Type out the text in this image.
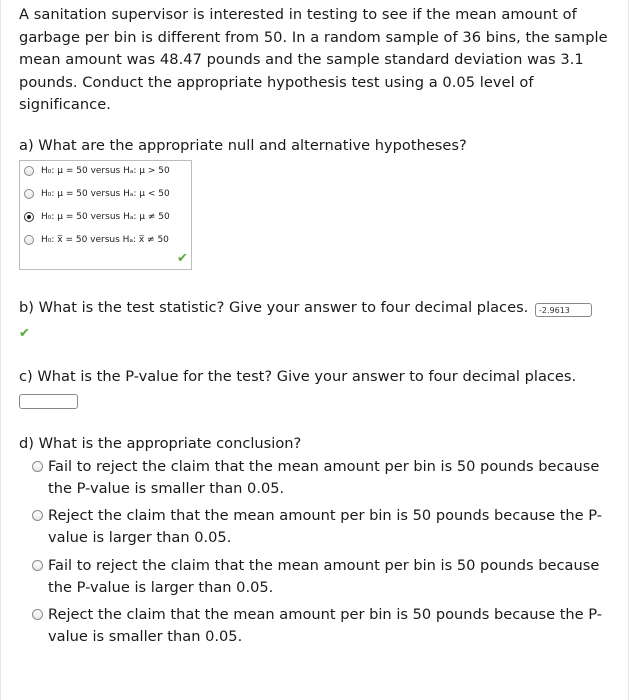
A sanitation supervisor is interested in testing to see if the mean amount of garbage per bin is different from 50. In a random sample of 36 bins, the sample mean amount was 48.47 pounds and the sample standard deviation was 3.1 pounds. Conduct the appropriate hypothesis test using a 0.05 level of significance.
a) What are the appropriate null and alternative hypotheses?
H₀: μ = 50 versus Hₐ: μ > 50
H₀: μ = 50 versus Hₐ: μ < 50
H₀: μ = 50 versus Hₐ: μ ≠ 50
H₀: x̅ = 50 versus Hₐ: x̅ ≠ 50
✔
b) What is the test statistic? Give your answer to four decimal places.	-2.9613
✔
c) What is the P-value for the test? Give your answer to four decimal places.
d) What is the appropriate conclusion?
Fail to reject the claim that the mean amount per bin is 50 pounds because the P-value is smaller than 0.05.
Reject the claim that the mean amount per bin is 50 pounds because the P-value is larger than 0.05.
Fail to reject the claim that the mean amount per bin is 50 pounds because the P-value is larger than 0.05.
Reject the claim that the mean amount per bin is 50 pounds because the P-value is smaller than 0.05.
